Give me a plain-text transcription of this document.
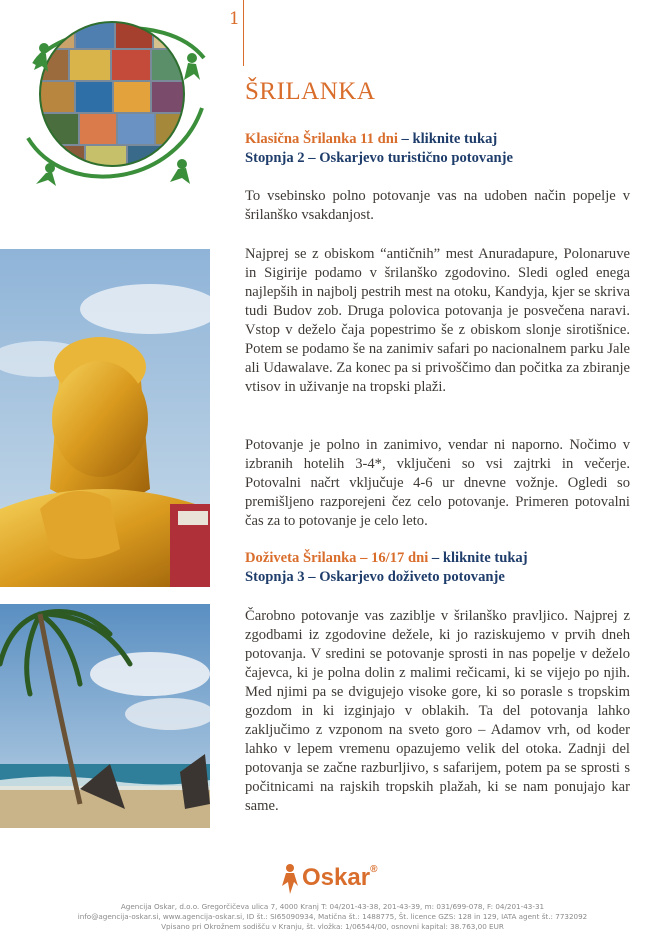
1
ŠRILANKA
Klasična Šrilanka 11 dni – kliknite tukaj
Stopnja 2 – Oskarjevo turistično potovanje

To vsebinsko polno potovanje vas na udoben način popelje v šrilanško vsakdanjost.

Najprej se z obiskom “antičnih” mest Anuradapure, Polonaruve in Sigirije podamo v šrilanško zgodovino. Sledi ogled enega najlepših in najbolj pestrih mest na otoku, Kandyja, kjer se skriva tudi Budov zob. Druga polovica potovanja je posvečena naravi. Vstop v deželo čaja popestrimo še z obiskom slonje sirotišnice. Potem se podamo še na zanimiv safari po nacionalnem parku Jale ali Udawalave. Za konec pa si privoščimo dan počitka za zbiranje vtisov in uživanje na tropski plaži.

Potovanje je polno in zanimivo, vendar ni naporno. Nočimo v izbranih hotelih 3-4*, vključeni so vsi zajtrki in večerje. Potovalni načrt vključuje 4-6 ur dnevne vožnje. Ogledi so premišljeno razporejeni čez celo potovanje. Primeren potovalni čas za to potovanje je celo leto.

Doživeta Šrilanka – 16/17 dni – kliknite tukaj
Stopnja 3 – Oskarjevo doživeto potovanje

Čarobno potovanje vas zaziblje v šrilanško pravljico. Najprej z zgodbami iz zgodovine dežele, ki jo raziskujemo v prvih dneh potovanja. V sredini se potovanje sprosti in nas popelje v deželo čajevca, ki je polna dolin z malimi rečicami, ki se vijejo po njih. Med njimi pa se dvigujejo visoke gore, ki so porasle s tropskim gozdom in ki izginjajo v oblakih. Ta del potovanja lahko zaključimo z vzponom na sveto goro – Adamov vrh, od koder lahko v lepem vremenu opazujemo velik del otoka. Zadnji del potovanja se začne razburljivo, s safarijem, potem pa se sprosti s počitnicami na rajskih tropskih plažah, ki se nam ponujajo kar same.

Oskar®
Agencija Oskar, d.o.o. Gregorčičeva ulica 7, 4000 Kranj T: 04/201-43-38, 201-43-39, m: 031/699-078, F: 04/201-43-31
info@agencija-oskar.si, www.agencija-oskar.si, ID št.: SI65090934, Matična št.: 1488775, Št. licence GZS: 128 in 129, IATA agent št.: 7732092
Vpisano pri Okrožnem sodišču v Kranju, št. vložka: 1/06544/00, osnovni kapital: 38.763,00 EUR
